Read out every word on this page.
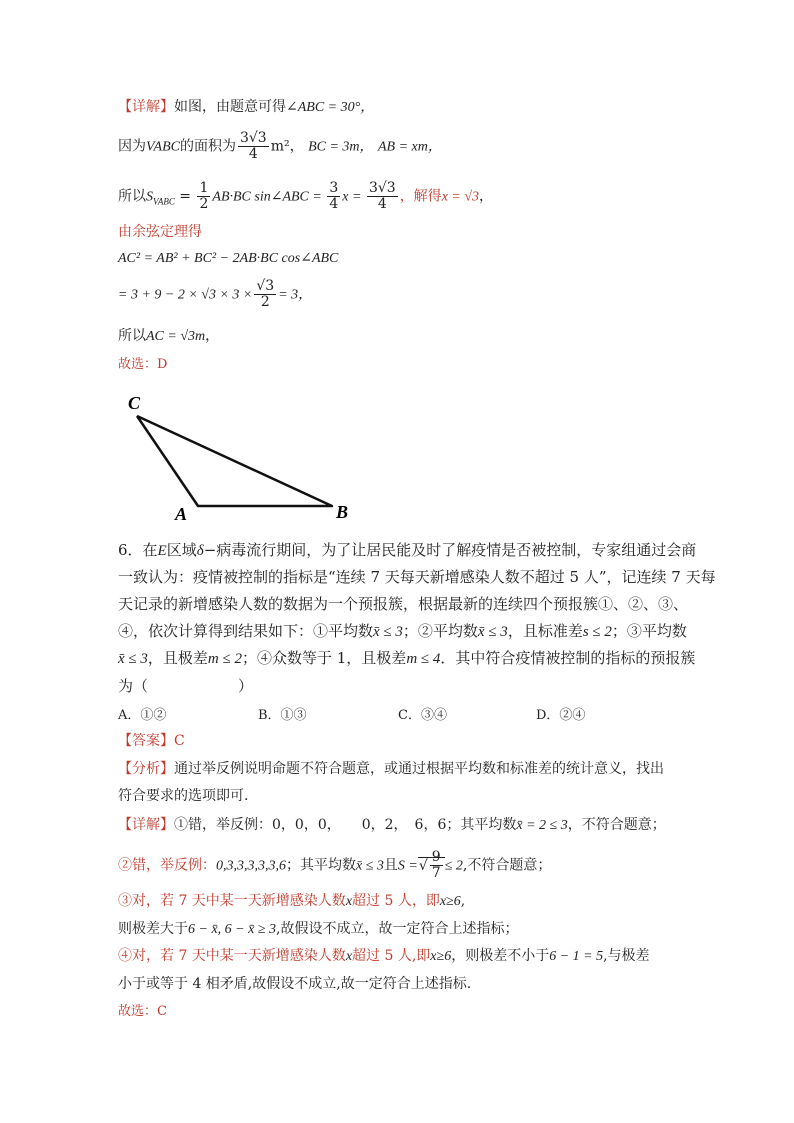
【详解】如图，由题意可得∠ABC = 30°，
因为VABC的面积为 $\frac{3√3}{4} m^2$， BC = 3m， AB = xm，
所以$S_{VABC} = \frac{1}{2} AB\cdot BC$ sin∠ABC = $\frac{3}{4}$ $x = \frac{3√3}{4}$ ，解得x = √3，
由余弦定理得
AC² = AB² + BC² − 2AB·BC cos∠ABC
= $3 + 9 - 2 \times √3 \times 3 \times \frac{√3}{2} = 3$，
所以AC = √3m，
故选：D
C
A	B
6．在E区域δ−病毒流行期间，为了让居民能及时了解疫情是否被控制，专家组通过会商
一致认为：疫情被控制的指标是“连续 7 天每天新增感染人数不超过 5 人”，记连续 7 天每
天记录的新增感染人数的数据为一个预报簇，根据最新的连续四个预报簇①、②、③、
④，依次计算得到结果如下：①平均数x̄ ≤ 3；②平均数x̄ ≤ 3，且标准差s ≤ 2；③平均数
x̄ ≤ 3，且极差m ≤ 2；④众数等于 1，且极差m ≤ 4．其中符合疫情被控制的指标的预报簇
为（　　　　　　）
A．①②	B．①③	C．③④	D．②④
【答案】C
【分析】通过举反例说明命题不符合题意，或通过根据平均数和标准差的统计意义，找出
符合要求的选项即可.
【详解】①错，举反例：0，0，0，　　0，2，　6，6；其平均数x̄ = 2 ≤ 3，不符合题意；
②错，举反例：0,3,3,3,3,3,6；其平均数x̄ ≤ 3且S =√ $\frac{9}{7} \le 2$,不符合题意；
③对，若 7 天中某一天新增感染人数x超过 5 人，即x≥6,
则极差大于6 − x̄, 6 − x̄ ≥ 3,故假设不成立，故一定符合上述指标；
④对，若 7 天中某一天新增感染人数x超过 5 人,即x≥6，则极差不小于6 − 1 = 5,与极差
小于或等于 4 相矛盾,故假设不成立,故一定符合上述指标.
故选：C
